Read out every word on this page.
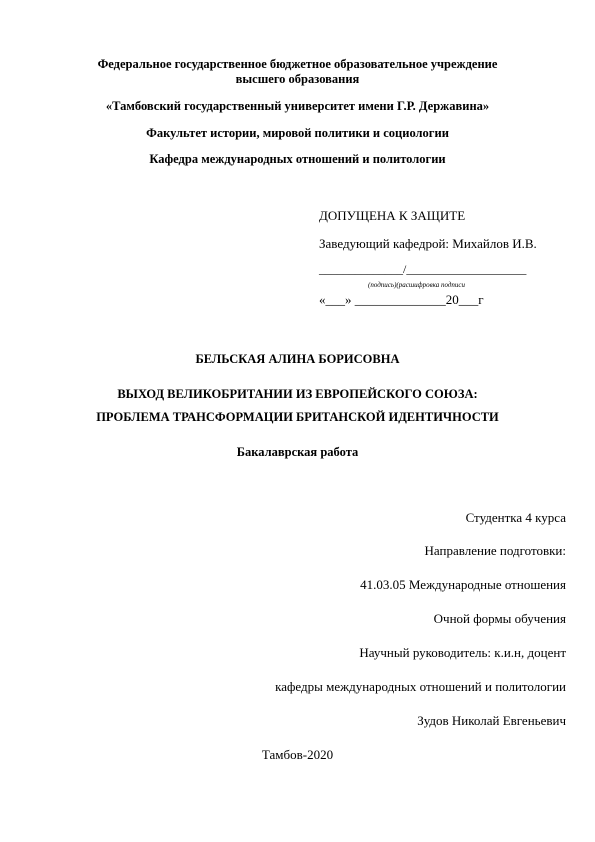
Федеральное государственное бюджетное образовательное учреждение
высшего образования
«Тамбовский государственный университет имени Г.Р. Державина»
Факультет истории, мировой политики и социологии
Кафедра международных отношений и политологии
ДОПУЩЕНА К ЗАЩИТЕ
Заведующий кафедрой: Михайлов И.В.
______________/____________________
(подпись)(расшифровка подписи
«___» ______________20___г
БЕЛЬСКАЯ АЛИНА БОРИСОВНА
ВЫХОД ВЕЛИКОБРИТАНИИ ИЗ ЕВРОПЕЙСКОГО СОЮЗА:
ПРОБЛЕМА ТРАНСФОРМАЦИИ БРИТАНСКОЙ ИДЕНТИЧНОСТИ
Бакалаврская работа
Студентка 4 курса
Направление подготовки:
41.03.05 Международные отношения
Очной формы обучения
Научный руководитель: к.и.н, доцент
кафедры международных отношений и политологии
Зудов Николай Евгеньевич
Тамбов-2020
